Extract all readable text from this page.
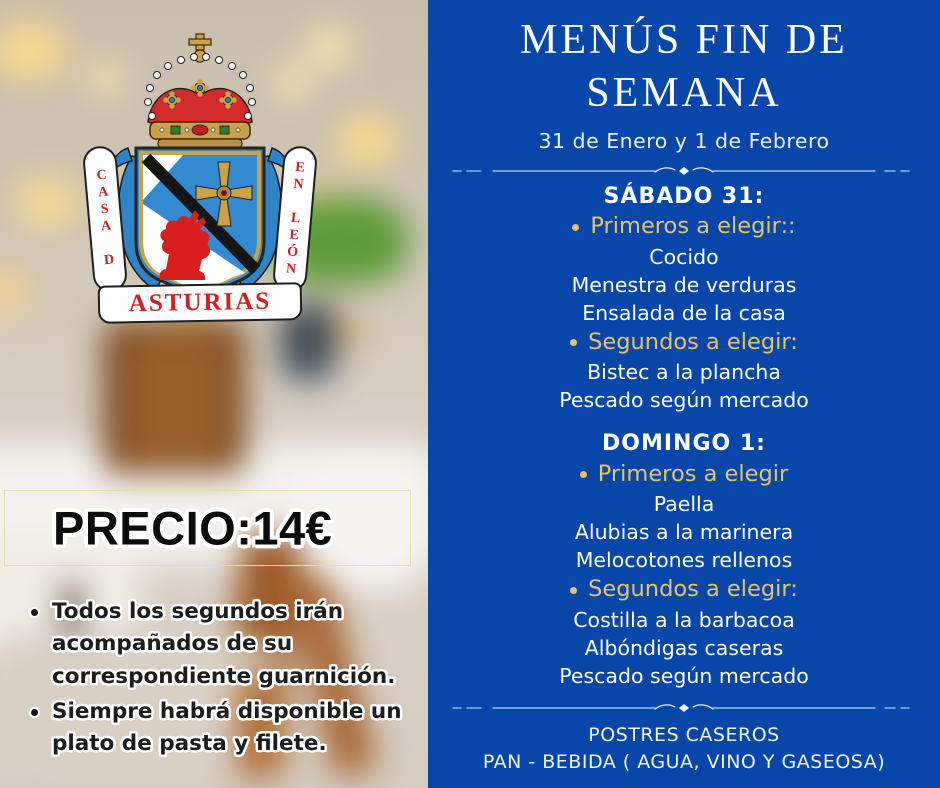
CASA D	EN LEÓN
ASTURIAS
PRECIO:14€
Todos los segundos irán acompañados de su correspondiente guarnición.
Siempre habrá disponible un plato de pasta y filete.
MENÚS FIN DE
SEMANA
31 de Enero y 1 de Febrero
SÁBADO 31:
Primeros a elegir::
Cocido
Menestra de verduras
Ensalada de la casa
Segundos a elegir:
Bistec a la plancha
Pescado según mercado
DOMINGO 1:
Primeros a elegir
Paella
Alubias a la marinera
Melocotones rellenos
Segundos a elegir:
Costilla a la barbacoa
Albóndigas caseras
Pescado según mercado
POSTRES CASEROS
PAN - BEBIDA ( AGUA, VINO Y GASEOSA)
